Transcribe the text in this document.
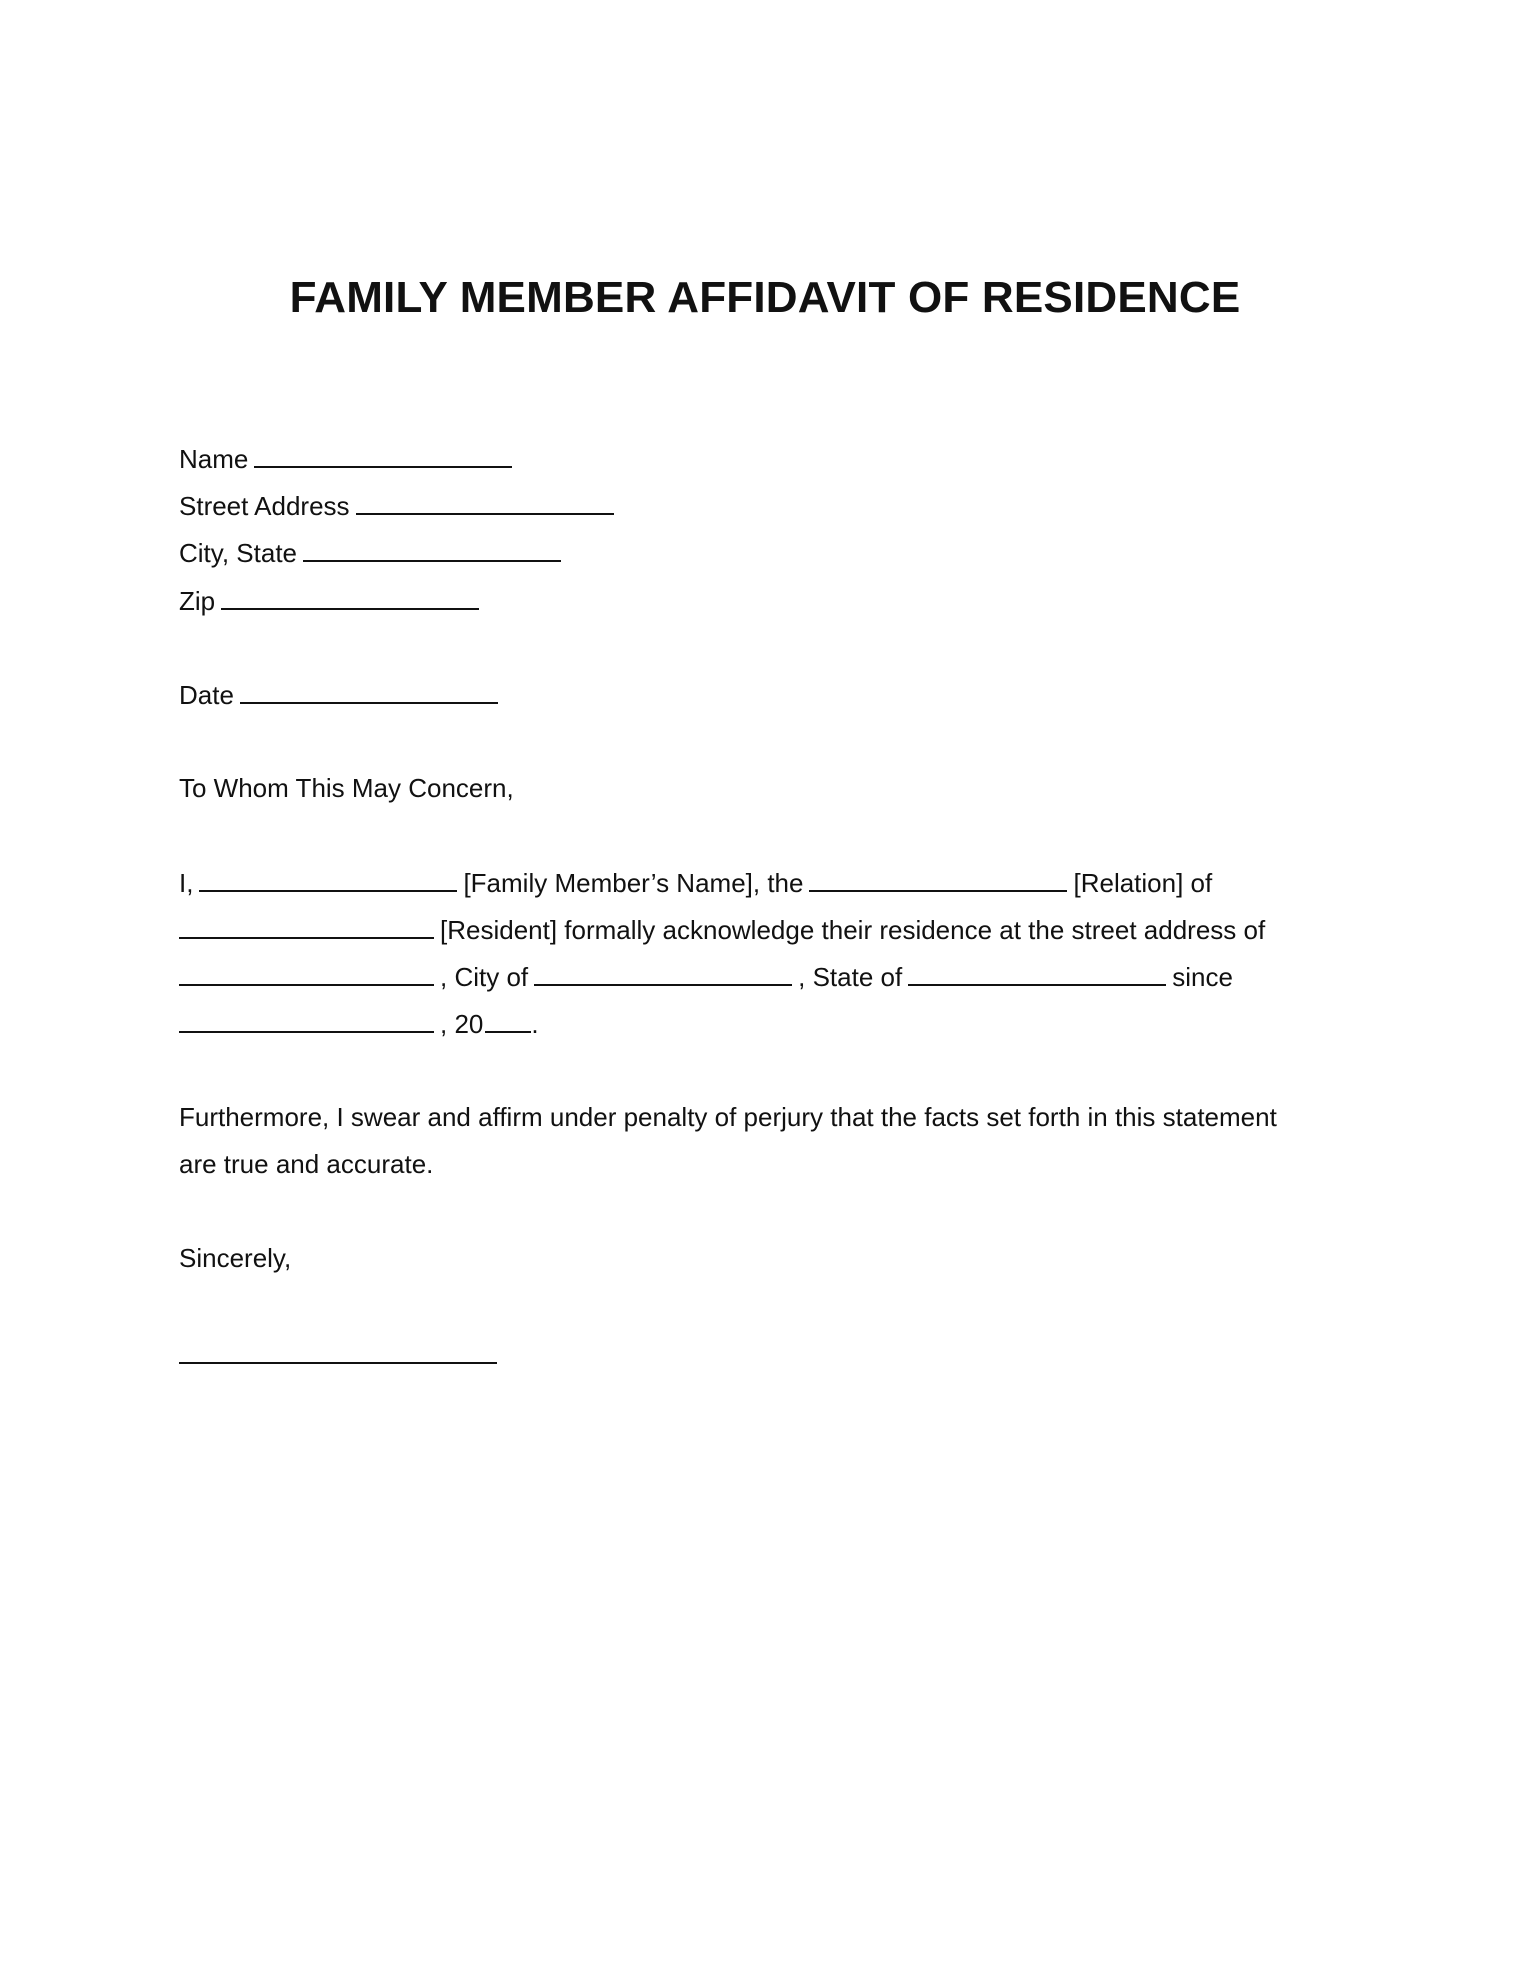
FAMILY MEMBER AFFIDAVIT OF RESIDENCE
Name
Street Address
City, State
Zip
Date
To Whom This May Concern,
I,	[Family Member’s Name], the	[Relation] of
[Resident] formally acknowledge their residence at the street address of
, City of	, State of	since
, 20 .
Furthermore, I swear and affirm under penalty of perjury that the facts set forth in this statement
are true and accurate.
Sincerely,
